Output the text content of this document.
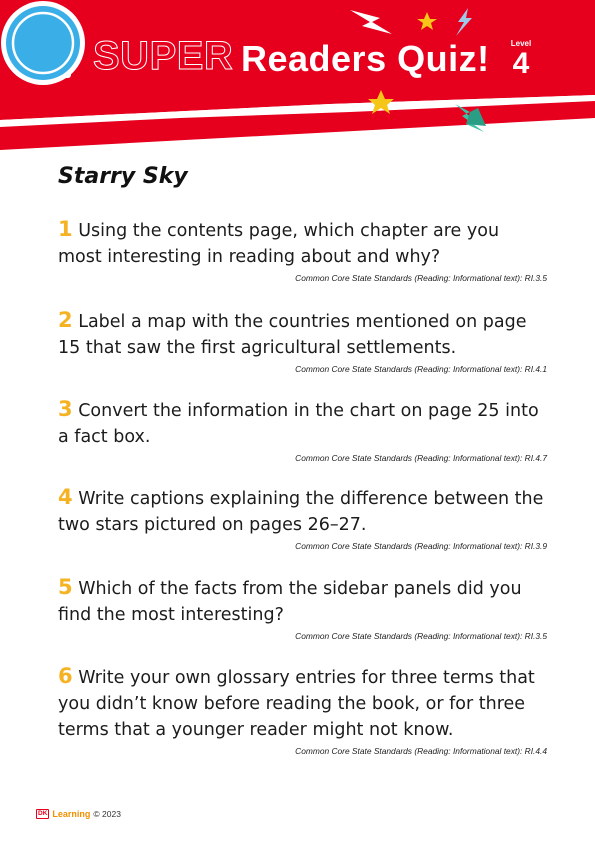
SUPER Readers Quiz!	Level
4
Starry Sky

1 Using the contents page, which chapter are you most interesting in reading about and why?

Common Core State Standards (Reading: Informational text): RI.3.5

2 Label a map with the countries mentioned on page 15 that saw the first agricultural settlements.

Common Core State Standards (Reading: Informational text): RI.4.1

3 Convert the information in the chart on page 25 into a fact box.

Common Core State Standards (Reading: Informational text): RI.4.7

4 Write captions explaining the difference between the two stars pictured on pages 26–27.

Common Core State Standards (Reading: Informational text): RI.3.9

5 Which of the facts from the sidebar panels did you find the most interesting?

Common Core State Standards (Reading: Informational text): RI.3.5

6 Write your own glossary entries for three terms that you didn’t know before reading the book, or for three terms that a younger reader might not know.

Common Core State Standards (Reading: Informational text): RI.4.4
DK Learning © 2023
